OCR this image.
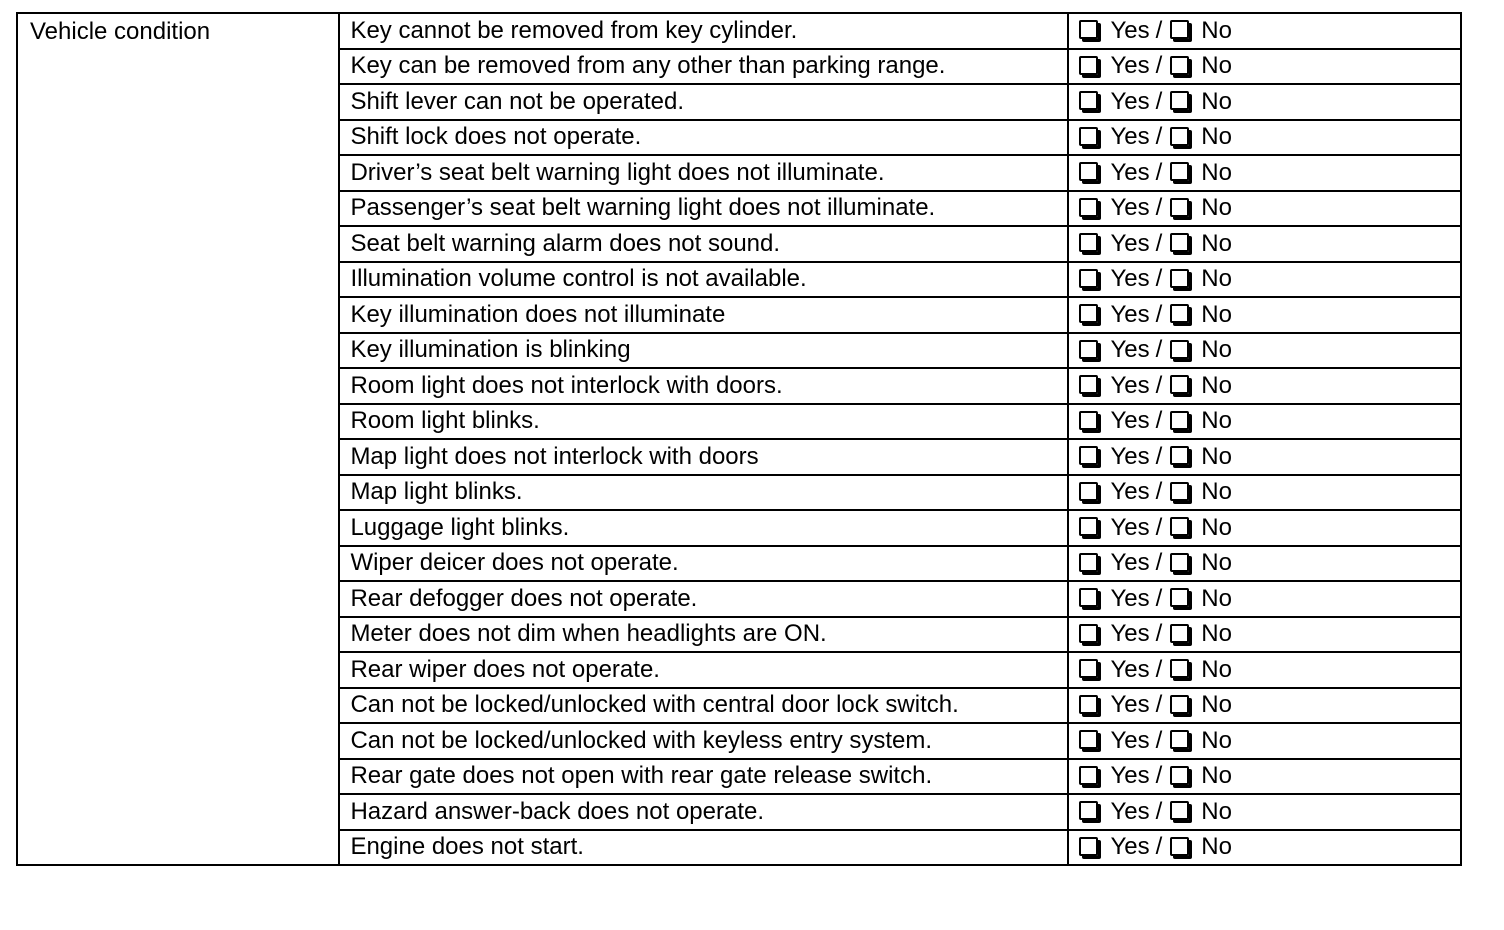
Vehicle condition	Key cannot be removed from key cylinder.	Yes / No

	Key can be removed from any other than parking range.	Yes / No

	Shift lever can not be operated.	Yes / No

	Shift lock does not operate.	Yes / No

	Driver’s seat belt warning light does not illuminate.	Yes / No

	Passenger’s seat belt warning light does not illuminate.	Yes / No

	Seat belt warning alarm does not sound.	Yes / No

	Illumination volume control is not available.	Yes / No

	Key illumination does not illuminate	Yes / No

	Key illumination is blinking	Yes / No

	Room light does not interlock with doors.	Yes / No

	Room light blinks.	Yes / No

	Map light does not interlock with doors	Yes / No

	Map light blinks.	Yes / No

	Luggage light blinks.	Yes / No

	Wiper deicer does not operate.	Yes / No

	Rear defogger does not operate.	Yes / No

	Meter does not dim when headlights are ON.	Yes / No

	Rear wiper does not operate.	Yes / No

	Can not be locked/unlocked with central door lock switch.	Yes / No

	Can not be locked/unlocked with keyless entry system.	Yes / No

	Rear gate does not open with rear gate release switch.	Yes / No

	Hazard answer-back does not operate.	Yes / No

	Engine does not start.	Yes / No
